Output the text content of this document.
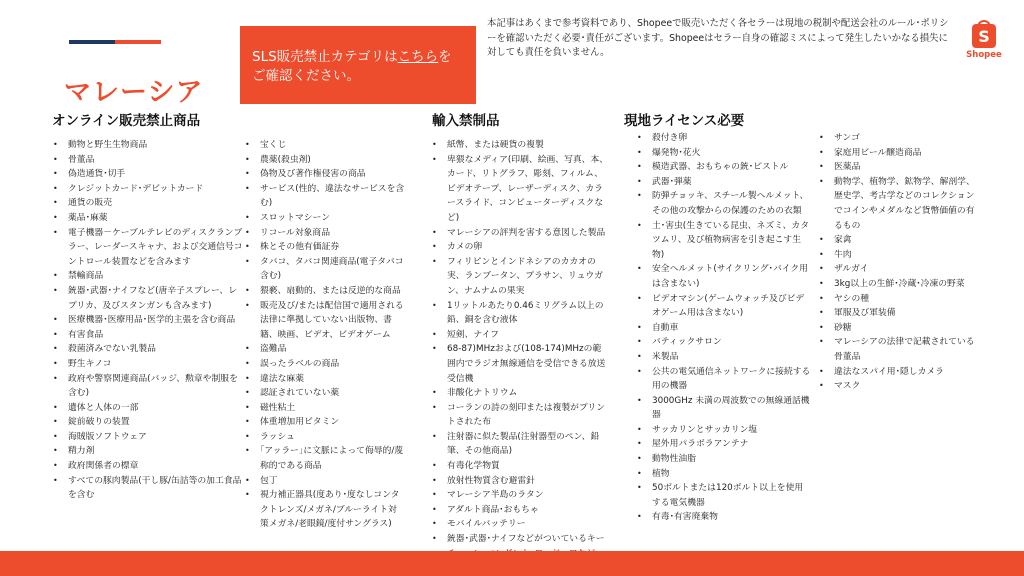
マレーシア
SLS販売禁止カテゴリはこちらをご確認ください。
本記事はあくまで参考資料であり、Shopeeで販売いただく各セラーは現地の税制や配送会社のルール･ポリシーを確認いただく必要･責任がございます。Shopeeはセラー自身の確認ミスによって発生したいかなる損失に対しても責任を負いません。
S
Shopee
オンライン販売禁止商品	輸入禁制品	現地ライセンス必要
• 動物と野生生物商品
• 骨董品
• 偽造通貨･切手
• クレジットカード･デビットカード
• 通貨の販売
• 薬品･麻薬
• 電子機器－ケーブルテレビのディスクランブラー、レーダースキャナ、および交通信号コントロール装置などを含みます
• 禁輸商品
• 銃器･武器･ナイフなど(唐辛子スプレー、レプリカ、及びスタンガンも含みます)
• 医療機器･医療用品･医学的主張を含む商品
• 有害食品
• 殺菌済みでない乳製品
• 野生キノコ
• 政府や警察関連商品(バッジ、勲章や制服を含む)
• 遺体と人体の一部
• 錠前破りの装置
• 海賊版ソフトウェア
• 精力剤
• 政府関係者の標章
• すべての豚肉製品(干し豚/缶詰等の加工食品を含む
• 宝くじ
• 農薬(殺虫剤)
• 偽物及び著作権侵害の商品
• サービス(性的、違法なサービスを含む)
• スロットマシーン
• リコール対象商品
• 株とその他有価証券
• タバコ、タバコ関連商品(電子タバコ含む)
• 猥褻、扇動的、または反逆的な商品
• 販売及び/または配信国で適用される法律に準拠していない出版物、書籍、映画、ビデオ、ビデオゲーム
• 盗難品
• 誤ったラベルの商品
• 違法な麻薬
• 認証されていない薬
• 磁性粘土
• 体重増加用ビタミン
• ラッシュ
• ｢アッラー｣に文脈によって侮辱的/蔑称的である商品
• 包丁
• 視力補正器具(度あり･度なしコンタクトレンズ/メガネ/ブルーライト対策メガネ/老眼鏡/度付サングラス)
• 紙幣、または硬貨の複製
• 卑猥なメディア(印刷、絵画、写真、本、カード、リトグラフ、彫刻、フィルム、ビデオテープ、レーザーディスク、カラースライド、コンピューターディスクなど)
• マレーシアの評判を害する意図した製品
• カメの卵
• フィリピンとインドネシアのカカオの実、ランブータン、プラサン、リュウガン、ナムナムの果実
• 1リットルあたり0.46ミリグラム以上の鉛、銅を含む液体
• 短剣、ナイフ
• 68-87)MHzおよび(108-174)MHzの範囲内でラジオ無線通信を受信できる放送受信機
• 非酸化ナトリウム
• コーランの詩の刻印または複製がプリントされた布
• 注射器に似た製品(注射器型のペン、鉛筆、その他商品)
• 有毒化学物質
• 放射性物質含む避雷針
• マレーシア半島のラタン
• アダルト商品･おもちゃ
• モバイルバッテリー
• 銃器･武器･ナイフなどがついているキー
• 殺付き卵
• 爆発物･花火
• 模造武器、おもちゃの銃･ピストル
• 武器･弾薬
• 防弾チョッキ、スチール製ヘルメット、その他の攻撃からの保護のための衣類
• 土･害虫(生きている昆虫、ネズミ、カタツムリ、及び植物病害を引き起こす生物)
• 安全ヘルメット(サイクリング･バイク用は含まない)
• ビデオマシン(ゲームウォッチ及びビデオゲーム用は含まない)
• 自動車
• バティックサロン
• 米製品
• 公共の電気通信ネットワークに接続する用の機器
• 3000GHz 未満の周波数での無線通話機器
• サッカリンとサッカリン塩
• 屋外用パラボラアンテナ
• 動物性油脂
• 植物
• 50ボルトまたは120ボルト以上を使用する電気機器
• 有毒･有害廃棄物
• サンゴ
• 家庭用ビール醸造商品
• 医薬品
• 動物学、植物学、鉱物学、解剖学、歴史学、考古学などのコレクションでコインやメダルなど貨幣価値の有るもの
• 家禽
• 牛肉
• ザルガイ
• 3kg以上の生鮮･冷蔵･冷凍の野菜
• ヤシの種
• 軍服及び軍装備
• 砂糖
• マレーシアの法律で記載されている骨董品
• 違法なスパイ用･隠しカメラ
• マスク
